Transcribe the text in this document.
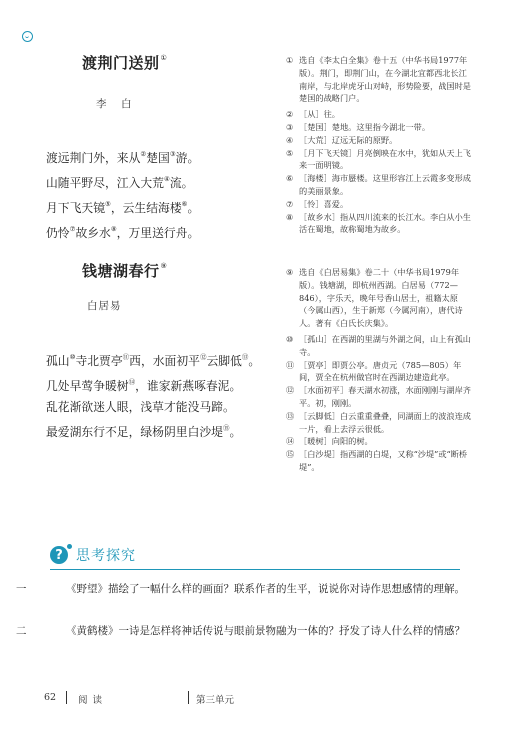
渡荆门送别①
李　白
渡远荆门外，来从②楚国③游。
山随平野尽，江入大荒④流。
月下飞天镜⑤，云生结海楼⑥。
仍怜⑦故乡水⑧，万里送行舟。
钱塘湖春行⑨
白居易
孤山⑩寺北贾亭⑪西，水面初平⑫云脚低⑬。
几处早莺争暖树⑭，谁家新燕啄春泥。
乱花渐欲迷人眼，浅草才能没马蹄。
最爱湖东行不足，绿杨阴里白沙堤⑮。
① 选自《李太白全集》卷十五（中华书局1977年版）。荆门，即荆门山，在今湖北宜都西北长江南岸，与北岸虎牙山对峙，形势险要，战国时是楚国的战略门户。
② ［从］往。
③ ［楚国］楚地。这里指今湖北一带。
④ ［大荒］辽远无际的原野。
⑤ ［月下飞天镜］月亮倒映在水中，犹如从天上飞来一面明镜。
⑥ ［海楼］海市蜃楼。这里形容江上云霞多变形成的美丽景象。
⑦ ［怜］喜爱。
⑧ ［故乡水］指从四川流来的长江水。李白从小生活在蜀地，故称蜀地为故乡。
⑨ 选自《白居易集》卷二十（中华书局1979年版）。钱塘湖，即杭州西湖。白居易（772—846），字乐天，晚年号香山居士，祖籍太原（今属山西），生于新郑（今属河南），唐代诗人。著有《白氏长庆集》。
⑩ ［孤山］在西湖的里湖与外湖之间，山上有孤山寺。
⑪ ［贾亭］即贾公亭。唐贞元（785—805）年间，贾全在杭州做官时在西湖边建造此亭。
⑫ ［水面初平］春天湖水初涨，水面刚刚与湖岸齐平。初，刚刚。
⑬ ［云脚低］白云重重叠叠，同湖面上的波浪连成一片，看上去浮云很低。
⑭ ［暖树］向阳的树。
⑮ ［白沙堤］指西湖的白堤，又称“沙堤”或“断桥堤”。
? 思考探究
一	《野望》描绘了一幅什么样的画面？联系作者的生平，说说你对诗作思想感情的理解。
二	《黄鹤楼》一诗是怎样将神话传说与眼前景物融为一体的？抒发了诗人什么样的情感？
62 阅 读	第三单元
